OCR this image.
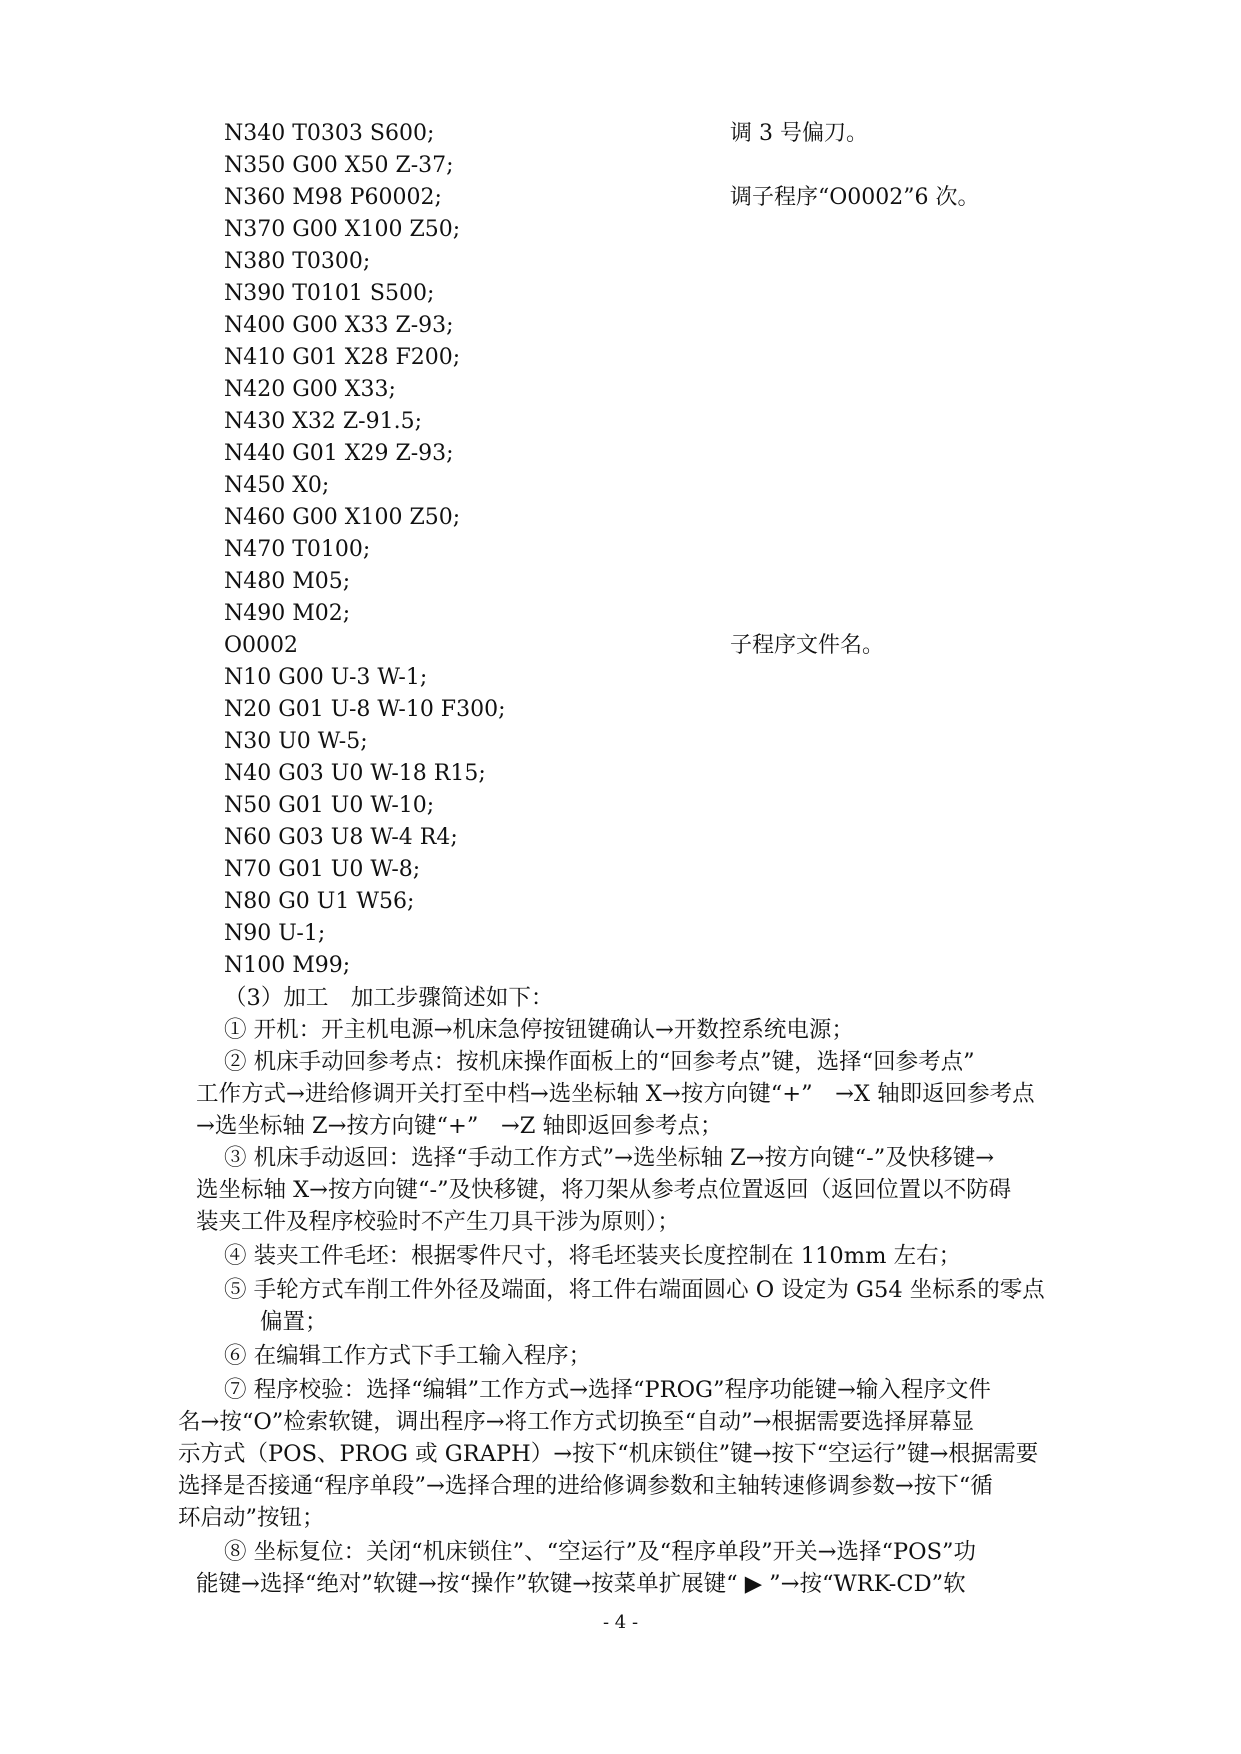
N340 T0303 S600;
N350 G00 X50 Z-37;
N360 M98 P60002;
N370 G00 X100 Z50;
N380 T0300;
N390 T0101 S500;
N400 G00 X33 Z-93;
N410 G01 X28 F200;
N420 G00 X33;
N430 X32 Z-91.5;
N440 G01 X29 Z-93;
N450 X0;
N460 G00 X100 Z50;
N470 T0100;
N480 M05;
N490 M02;
O0002
N10 G00 U-3 W-1;
N20 G01 U-8 W-10 F300;
N30 U0 W-5;
N40 G03 U0 W-18 R15;
N50 G01 U0 W-10;
N60 G03 U8 W-4 R4;
N70 G01 U0 W-8;
N80 G0 U1 W56;
N90 U-1;
N100 M99;
调 3 号偏刀。
调子程序“O0002”6 次。
子程序文件名。
（3）加工　加工步骤简述如下：
① 开机：开主机电源→机床急停按钮键确认→开数控系统电源；
② 机床手动回参考点：按机床操作面板上的“回参考点”键，选择“回参考点”
工作方式→进给修调开关打至中档→选坐标轴 X→按方向键“+”　→X 轴即返回参考点
→选坐标轴 Z→按方向键“+”　→Z 轴即返回参考点；
③ 机床手动返回：选择“手动工作方式”→选坐标轴 Z→按方向键“-”及快移键→
选坐标轴 X→按方向键“-”及快移键，将刀架从参考点位置返回（返回位置以不防碍
装夹工件及程序校验时不产生刀具干涉为原则）；
④ 装夹工件毛坯：根据零件尺寸，将毛坯装夹长度控制在 110mm 左右；
⑤ 手轮方式车削工件外径及端面，将工件右端面圆心 O 设定为 G54 坐标系的零点
偏置；
⑥ 在编辑工作方式下手工输入程序；
⑦ 程序校验：选择“编辑”工作方式→选择“PROG”程序功能键→输入程序文件
名→按“O”检索软键，调出程序→将工作方式切换至“自动”→根据需要选择屏幕显
示方式（POS、PROG 或 GRAPH）→按下“机床锁住”键→按下“空运行”键→根据需要
选择是否接通“程序单段”→选择合理的进给修调参数和主轴转速修调参数→按下“循
环启动”按钮；
⑧ 坐标复位：关闭“机床锁住”、“空运行”及“程序单段”开关→选择“POS”功
能键→选择“绝对”软键→按“操作”软键→按菜单扩展键“ ▶ ”→按“WRK-CD”软
- 4 -
